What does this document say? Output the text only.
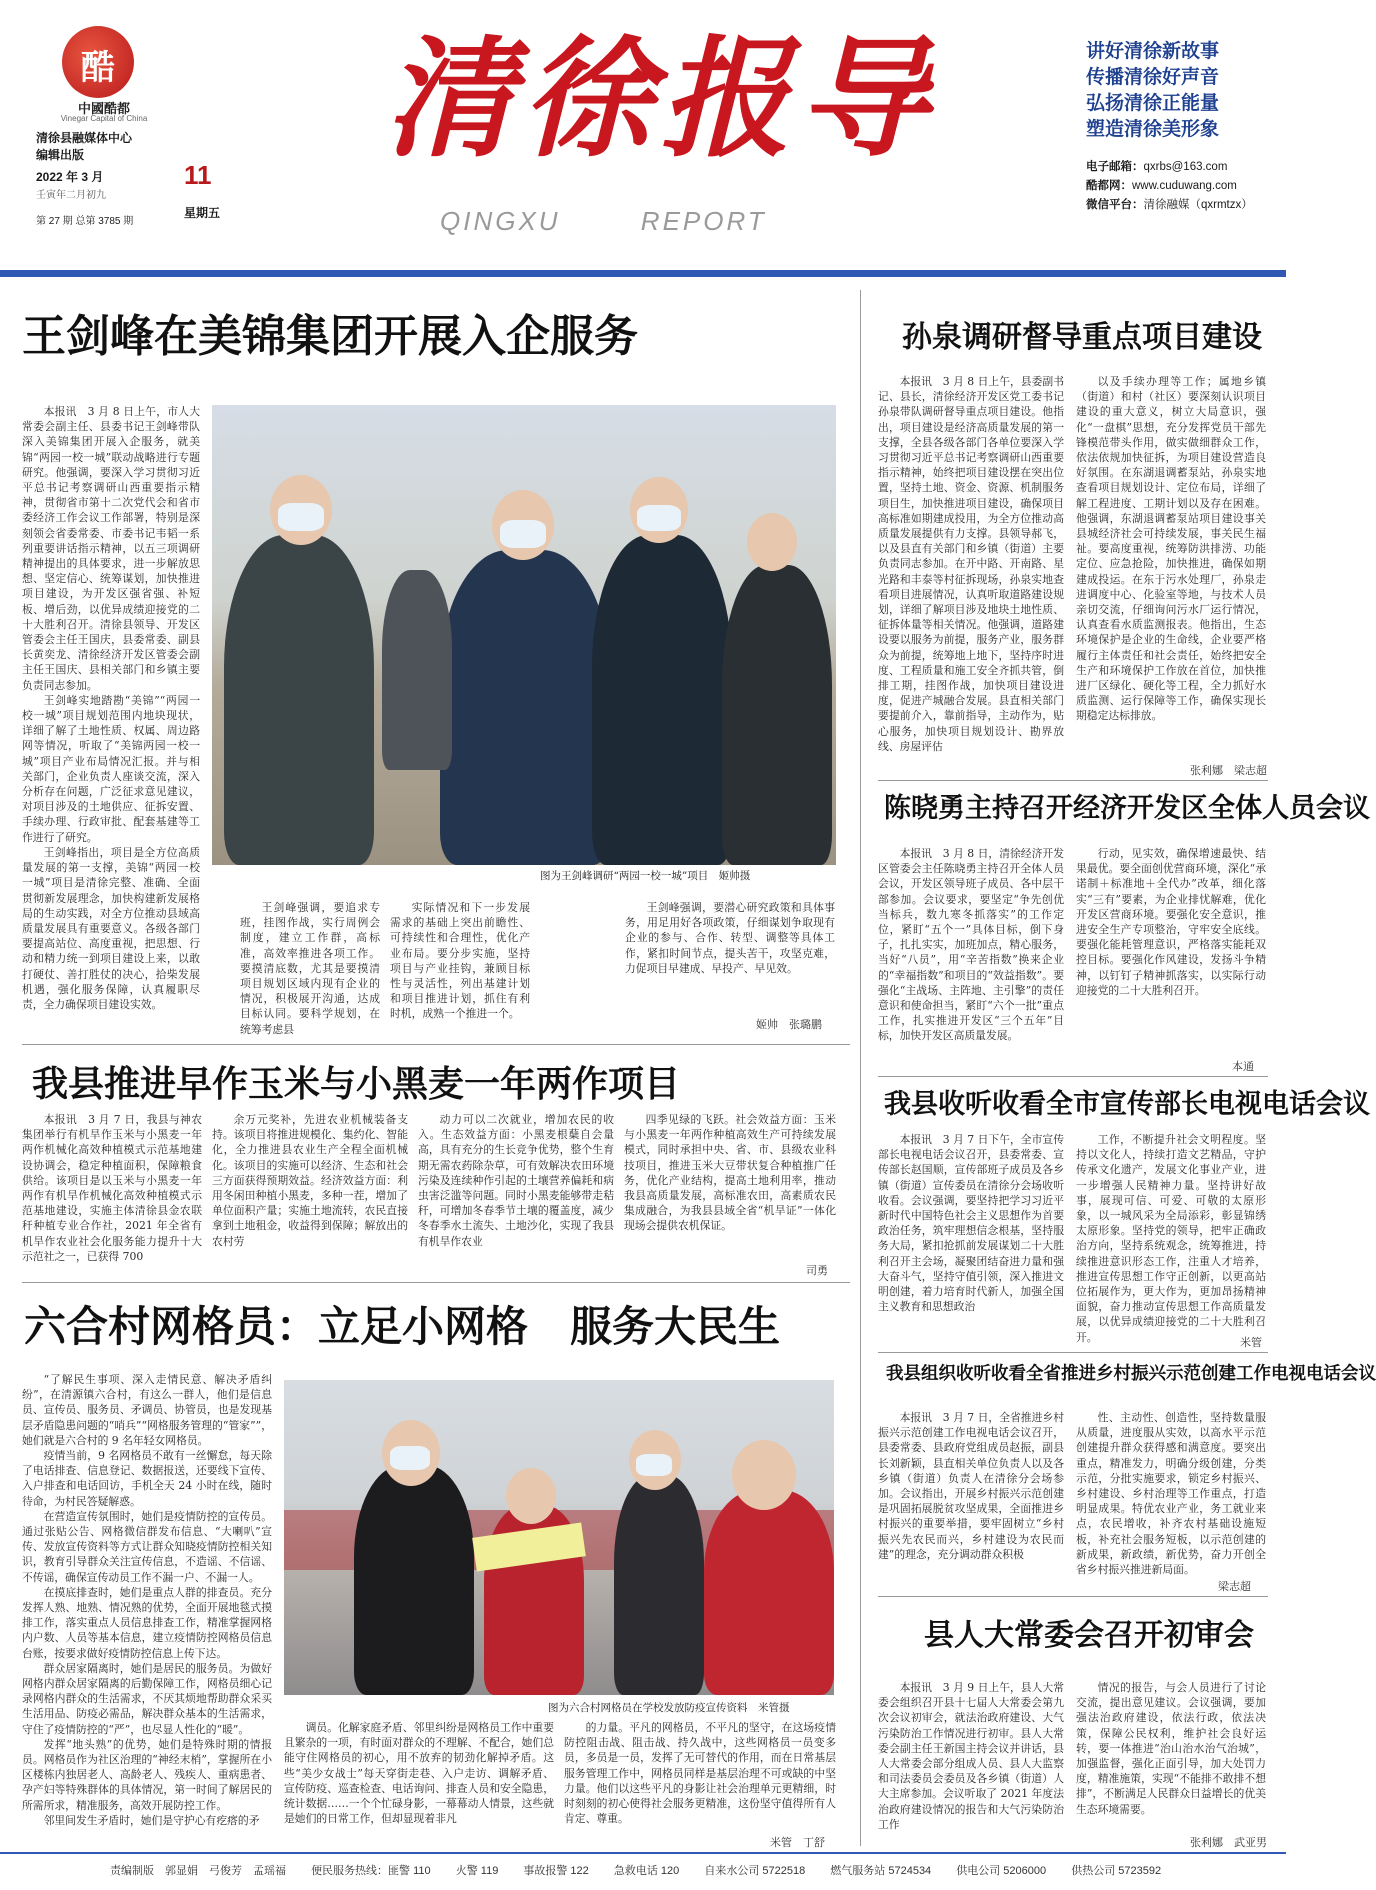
酷
中國酷都
Vinegar Capital of China
清徐县融媒体中心
编辑出版
2022 年 3 月	11
壬寅年二月初九
星期五
第 27 期 总第 3785 期
清徐报导
QINGXU REPORT
讲好清徐新故事
传播清徐好声音
弘扬清徐正能量
塑造清徐美形象
电子邮箱：qxrbs@163.com
酷都网：www.cuduwang.com
微信平台：清徐融媒（qxrmtzx）
王剑峰在美锦集团开展入企服务

本报讯　3 月 8 日上午，市人大常委会副主任、县委书记王剑峰带队深入美锦集团开展入企服务，就美锦“两园一校一城”联动战略进行专题研究。他强调，要深入学习贯彻习近平总书记考察调研山西重要指示精神，贯彻省市第十二次党代会和省市委经济工作会议工作部署，特别是深刻领会省委常委、市委书记韦韬一系列重要讲话指示精神，以五三项调研精神提出的具体要求，进一步解放思想、坚定信心、统筹谋划，加快推进项目建设，为开发区强省强、补短板、增后劲，以优异成绩迎接党的二十大胜利召开。清徐县领导、开发区管委会主任王国庆，县委常委、副县长黄奕龙、清徐经济开发区管委会副主任王国庆、县相关部门和乡镇主要负责同志参加。

王剑峰实地踏勘“美锦”“两园一校一城”项目规划范围内地块现状，详细了解了土地性质、权属、周边路网等情况，听取了“美锦两园一校一城”项目产业布局情况汇报。并与相关部门，企业负责人座谈交流，深入分析存在问题，广泛征求意见建议，对项目涉及的土地供应、征拆安置、手续办理、行政审批、配套基建等工作进行了研究。

王剑峰指出，项目是全方位高质量发展的第一支撑，美锦“两园一校一城”项目是清徐完整、准确、全面贯彻新发展理念，加快构建新发展格局的生动实践，对全方位推动县域高质量发展具有重要意义。各级各部门要提高站位、高度重视，把思想、行动和精力统一到项目建设上来，以敢打硬仗、善打胜仗的决心，拾柴发展机遇，强化服务保障，认真履职尽责，全力确保项目建设实效。

图为王剑峰调研“两园一校一城”项目　姬帅摄

王剑峰强调，要追求专班，挂图作战，实行周例会制度，建立工作群，高标准，高效率推进各项工作。要摸清底数，尤其是要摸清项目规划区域内现有企业的情况，积极展开沟通，达成目标认同。要科学规划，在统筹考虑县

实际情况和下一步发展需求的基础上突出前瞻性、可持续性和合理性，优化产业布局。要分步实施，坚持项目与产业挂钩，兼顾目标性与灵活性，列出基建计划和项目推进计划，抓住有利时机，成熟一个推进一个。

王剑峰强调，要潜心研究政策和具体事务，用足用好各项政策，仔细谋划争取现有企业的参与、合作、转型、调整等具体工作，紧扣时间节点，提头苦干，攻坚克难，力促项目早建成、早投产、早见效。

姬帅　张璐鹏
我县推进早作玉米与小黑麦一年两作项目

本报讯　3 月 7 日，我县与神农集团举行有机旱作玉米与小黑麦一年两作机械化高效种植模式示范基地建设协调会，稳定种植面积，保障粮食供给。该项目是以玉米与小黑麦一年两作有机旱作机械化高效种植模式示范基地建设，实施主体清徐县金农联秆种植专业合作社，2021 年全省有机旱作农业社会化服务能力提升十大示范社之一，已获得 700

余万元奖补，先进农业机械装备支持。该项目将推进规模化、集约化、智能化，全力推进县农业生产全程全面机械化。该项目的实施可以经济、生态和社会三方面获得预期效益。经济效益方面：利用冬闲田种植小黑麦，多种一茬，增加了单位面积产量；实施土地流转，农民直接拿到土地租金，收益得到保障；解放出的农村劳

动力可以二次就业，增加农民的收入。生态效益方面：小黑麦根蘖自会量高，具有充分的生长竞争优势，整个生育期无需农药除杂草，可有效解决农田环境污染及连续种作引起的土壤营养偏耗和病虫害泛滥等问题。同时小黑麦能够带走秸秆，可增加冬春季节土壤的覆盖度，减少冬春季水土流失、土地沙化，实现了我县有机旱作农业

四季见绿的飞跃。社会效益方面：玉米与小黑麦一年两作种植高效生产可持续发展模式，同时承担中央、省、市、县级农业科技项目，推进玉米大豆带状复合种植推广任务，优化产业结构，提高土地利用率，推动我县高质量发展，高标准农田，高素质农民集成融合，为我县县域全省“机旱证”一体化现场会提供农机保证。

司勇
六合村网格员：立足小网格　服务大民生

“了解民生事项、深入走情民意、解决矛盾纠纷”，在清源镇六合村，有这么一群人，他们是信息员、宣传员、服务员、矛调员、协管员，也是发现基层矛盾隐患问题的“哨兵”“网格服务管理的“管家””，她们就是六合村的 9 名年轻女网格员。

疫情当前，9 名网格员不敢有一丝懈怠，每天除了电话排查、信息登记、数据报送，还要线下宣传、入户排查和电话回访，手机全天 24 小时在线，随时待命，为村民答疑解惑。

在营造宣传氛围时，她们是疫情防控的宣传员。通过张贴公告、网格微信群发布信息、“大喇叭”宣传、发放宣传资料等方式让群众知晓疫情防控相关知识，教育引导群众关注宣传信息，不造谣、不信谣、不传谣，确保宣传动员工作不漏一户、不漏一人。

在摸底排查时，她们是重点人群的排查员。充分发挥人熟、地熟、情况熟的优势，全面开展地毯式摸排工作，落实重点人员信息排查工作，精准掌握网格内户数、人员等基本信息，建立疫情防控网格员信息台账，按要求做好疫情防控信息上传下达。

群众居家隔离时，她们是居民的服务员。为做好网格内群众居家隔离的后勤保障工作，网格员细心记录网格内群众的生活需求，不厌其烦地帮助群众采买生活用品、防疫必需品，解决群众基本的生活需求，守住了疫情防控的“严”，也尽显人性化的“暖”。

发挥“地头熟”的优势，她们是特殊时期的情报员。网格员作为社区治理的“神经末梢”，掌握所在小区楼栋内独居老人、高龄老人、残疾人、重病患者、孕产妇等特殊群体的具体情况，第一时间了解居民的所需所求，精准服务，高效开展防控工作。

邻里间发生矛盾时，她们是守护心有疙瘩的矛

图为六合村网格员在学校发放防疫宣传资料　米管摄

调员。化解家庭矛盾、邻里纠纷是网格员工作中重要且繁杂的一项，有时面对群众的不理解、不配合，她们总能守住网格员的初心，用不放弃的韧劲化解掉矛盾。这些“美少女战士”每天穿街走巷、入户走访、调解矛盾、宣传防疫、巡查检查、电话询问、排查人员和安全隐患，统计数据……一个个忙碌身影，一幕幕动人情景，这些就是她们的日常工作，但却显现着非凡

的力量。平凡的网格员，不平凡的坚守，在这场疫情防控阻击战、阻击战、持久战中，这些网格员一员变多员，多员是一员，发挥了无可替代的作用，而在日常基层服务管理工作中，网格员同样是基层治理不可或缺的中坚力量。他们以这些平凡的身影让社会治理单元更精细，时时刻刻的初心使得社会服务更精准，这份坚守值得所有人肯定、尊重。

米管　丁舒
孙泉调研督导重点项目建设

本报讯　3 月 8 日上午，县委副书记、县长，清徐经济开发区党工委书记孙泉带队调研督导重点项目建设。他指出，项目建设是经济高质量发展的第一支撑，全县各级各部门各单位要深入学习贯彻习近平总书记考察调研山西重要指示精神，始终把项目建设摆在突出位置，坚持土地、资金、资源、机制服务项目生，加快推进项目建设，确保项目高标准如期建成投用，为全方位推动高质量发展提供有力支撑。县领导郝飞，以及县直有关部门和乡镇（街道）主要负责同志参加。在开中路、开南路、星光路和丰泰等村征拆现场，孙泉实地查看项目进展情况，认真听取道路建设规划，详细了解项目涉及地块土地性质、征拆体量等相关情况。他强调，道路建设要以服务为前提，服务产业，服务群众为前提，统筹地上地下，坚持序时进度、工程质量和施工安全齐抓共管，倒排工期，挂图作战，加快项目建设进度，促进产城融合发展。县直相关部门要提前介入，靠前指导，主动作为，贴心服务，加快项目规划设计、勘界放线、房屋评估

以及手续办理等工作；属地乡镇（街道）和村（社区）要深刻认识项目建设的重大意义，树立大局意识，强化“一盘棋”思想，充分发挥党员干部先锋模范带头作用，做实做细群众工作，依法依规加快征拆，为项目建设营造良好氛围。在东湖退调蓄泵站，孙泉实地查看项目规划设计、定位布局，详细了解工程进度、工期计划以及存在困难。他强调，东湖退调蓄泵站项目建设事关县城经济社会可持续发展，事关民生福祉。要高度重视，统筹防洪排涝、功能定位、应急抢险，加快推进，确保如期建成投运。在东于污水处理厂，孙泉走进调度中心、化验室等地，与技术人员亲切交流，仔细询问污水厂运行情况，认真查看水质监测报表。他指出，生态环境保护是企业的生命线，企业要严格履行主体责任和社会责任，始终把安全生产和环境保护工作放在首位，加快推进厂区绿化、硬化等工程，全力抓好水质监测、运行保障等工作，确保实现长期稳定达标排放。

张利娜　梁志超
陈晓勇主持召开经济开发区全体人员会议

本报讯　3 月 8 日，清徐经济开发区管委会主任陈晓勇主持召开全体人员会议，开发区领导班子成员、各中层干部参加。会议要求，要坚定“争先创优当标兵，数九寒冬抓落实”的工作定位，紧盯“五个一”具体目标，倒下身子，扎扎实实，加班加点，精心服务，当好“八员”，用“辛苦指数”换来企业的“幸福指数”和项目的“效益指数”。要强化“主战场、主阵地、主引擎”的责任意识和使命担当，紧盯“六个一批”重点工作，扎实推进开发区“三个五年”目标，加快开发区高质量发展。

行动，见实效，确保增速最快、结果最优。要全面创优营商环境，深化“承诺制＋标准地＋全代办”改革，细化落实“三有”要素，为企业排忧解难，优化开发区营商环境。要强化安全意识，推进安全生产专项整治，守牢安全底线。要强化能耗管理意识，严格落实能耗双控目标。要强化作风建设，发扬斗争精神，以钉钉子精神抓落实，以实际行动迎接党的二十大胜利召开。

本通
我县收听收看全市宣传部长电视电话会议

本报讯　3 月 7 日下午，全市宣传部长电视电话会议召开，县委常委、宣传部长赵国顺，宣传部班子成员及各乡镇（街道）宣传委员在清徐分会场收听收看。会议强调，要坚持把学习习近平新时代中国特色社会主义思想作为首要政治任务，筑牢理想信念根基，坚持服务大局，紧扣抢抓前发展谋划二十大胜利召开主会场，凝聚团结奋进力量和强大奋斗气，坚持守值引领，深入推进文明创建，着力培育时代新人，加强全国主义教育和思想政治

工作，不断提升社会文明程度。坚持以文化人，持续打造文艺精品，守护传承文化遗产，发展文化事业产业，进一步增强人民精神力量。坚持讲好故事，展现可信、可爱、可敬的太原形象，以一城风采为全局添彩，彰显锦绣太原形象。坚持党的领导，把牢正确政治方向，坚持系统观念，统筹推进，持续推进意识形态工作，注重人才培养，推进宣传思想工作守正创新，以更高站位拓展作为，更大作为，更加昂扬精神面貌，奋力推动宣传思想工作高质量发展，以优异成绩迎接党的二十大胜利召开。	米管
我县组织收听收看全省推进乡村振兴示范创建工作电视电话会议

本报讯　3 月 7 日，全省推进乡村振兴示范创建工作电视电话会议召开，县委常委、县政府党组成员赵振，副县长刘新颖，县直相关单位负责人以及各乡镇（街道）负责人在清徐分会场参加。会议指出，开展乡村振兴示范创建是巩固拓展脱贫攻坚成果，全面推进乡村振兴的重要举措，要牢固树立“乡村振兴先农民而兴，乡村建设为农民而建”的理念，充分调动群众积极

性、主动性、创造性，坚持数量服从质量，进度服从实效，以高水平示范创建提升群众获得感和满意度。要突出重点，精准发力，明确分级创建，分类示范，分批实施要求，锁定乡村振兴、乡村建设、乡村治理等工作重点，打造明显成果。特优农业产业，务工就业来点，农民增收，补齐农村基础设施短板，补充社会服务短板，以示范创建的新成果，新政绩，新优势，奋力开创全省乡村振兴推进新局面。

梁志超
县人大常委会召开初审会

本报讯　3 月 9 日上午，县人大常委会组织召开县十七届人大常委会第九次会议初审会，就法治政府建设、大气污染防治工作情况进行初审。县人大常委会副主任王新国主持会议并讲话，县人大常委会部分组成人员、县人大监察和司法委员会委员及各乡镇（街道）人大主席参加。会议听取了 2021 年度法治政府建设情况的报告和大气污染防治工作

情况的报告，与会人员进行了讨论交流，提出意见建议。会议强调，要加强法治政府建设，依法行政，依法决策，保障公民权利，维护社会良好运转，要一体推进“治山治水治气治城”，加强监督，强化正面引导，加大处罚力度，精准施策，实现“不能排不敢排不想排”，不断满足人民群众日益增长的优美生态环境需要。

张利娜　武亚男
责编制版　郭显娟　弓俊芳　孟瑶福 便民服务热线：匪警 110 火警 119 事故报警 122 急救电话 120 自来水公司 5722518 燃气服务站 5724534 供电公司 5206000 供热公司 5723592
